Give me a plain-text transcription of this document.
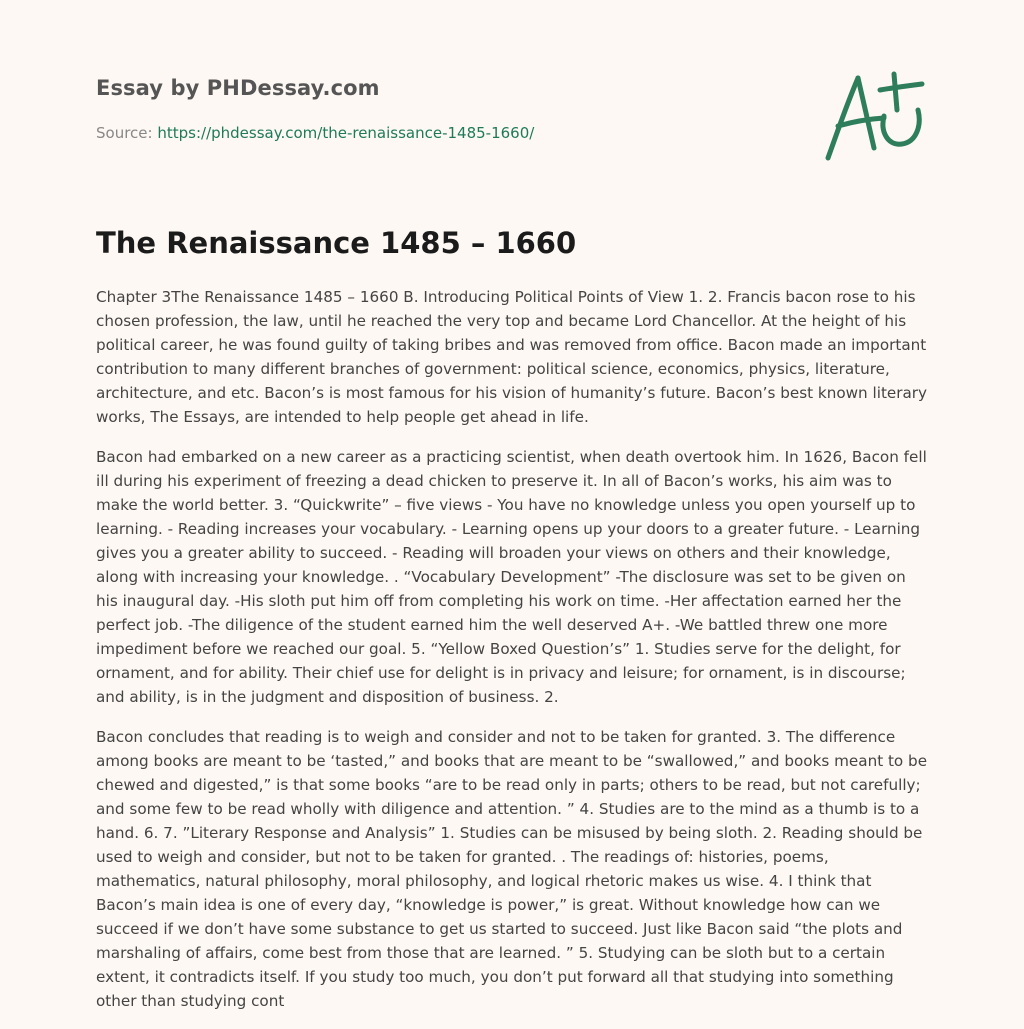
Essay by PHDessay.com
Source: https://phdessay.com/the-renaissance-1485-1660/
The Renaissance 1485 – 1660

Chapter 3The Renaissance 1485 – 1660 B. Introducing Political Points of View 1. 2. Francis bacon rose to his chosen profession, the law, until he reached the very top and became Lord Chancellor. At the height of his political career, he was found guilty of taking bribes and was removed from office. Bacon made an important contribution to many different branches of government: political science, economics, physics, literature, architecture, and etc. Bacon’s is most famous for his vision of humanity’s future. Bacon’s best known literary works, The Essays, are intended to help people get ahead in life.

Bacon had embarked on a new career as a practicing scientist, when death overtook him. In 1626, Bacon fell ill during his experiment of freezing a dead chicken to preserve it. In all of Bacon’s works, his aim was to make the world better. 3. “Quickwrite” – five views - You have no knowledge unless you open yourself up to learning. - Reading increases your vocabulary. - Learning opens up your doors to a greater future. - Learning gives you a greater ability to succeed. - Reading will broaden your views on others and their knowledge, along with increasing your knowledge. . “Vocabulary Development” -The disclosure was set to be given on his inaugural day. -His sloth put him off from completing his work on time. -Her affectation earned her the perfect job. -The diligence of the student earned him the well deserved A+. -We battled threw one more impediment before we reached our goal. 5. “Yellow Boxed Question’s” 1. Studies serve for the delight, for ornament, and for ability. Their chief use for delight is in privacy and leisure; for ornament, is in discourse; and ability, is in the judgment and disposition of business. 2.

Bacon concludes that reading is to weigh and consider and not to be taken for granted. 3. The difference among books are meant to be ‘tasted,” and books that are meant to be “swallowed,” and books meant to be chewed and digested,” is that some books “are to be read only in parts; others to be read, but not carefully; and some few to be read wholly with diligence and attention. ” 4. Studies are to the mind as a thumb is to a hand. 6. 7. ”Literary Response and Analysis” 1. Studies can be misused by being sloth. 2. Reading should be used to weigh and consider, but not to be taken for granted. . The readings of: histories, poems, mathematics, natural philosophy, moral philosophy, and logical rhetoric makes us wise. 4. I think that Bacon’s main idea is one of every day, “knowledge is power,” is great. Without knowledge how can we succeed if we don’t have some substance to get us started to succeed. Just like Bacon said “the plots and marshaling of affairs, come best from those that are learned. ” 5. Studying can be sloth but to a certain extent, it contradicts itself. If you study too much, you don’t put forward all that studying into something other than studying cont
